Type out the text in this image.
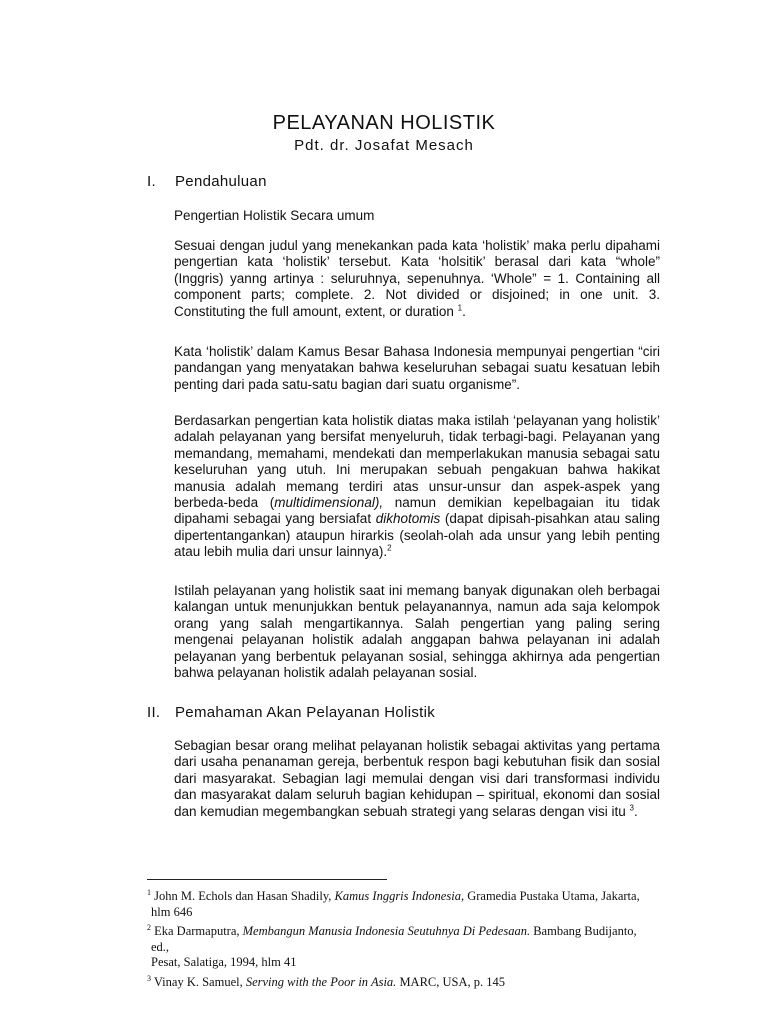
PELAYANAN HOLISTIK
Pdt. dr. Josafat Mesach
I. Pendahuluan
Pengertian Holistik Secara umum

Sesuai dengan judul yang menekankan pada kata ‘holistik’ maka perlu dipahami pengertian kata ‘holistik’ tersebut. Kata ‘holsitik’ berasal dari kata “whole” (Inggris) yanng artinya : seluruhnya, sepenuhnya. ‘Whole” = 1. Containing all component parts; complete. 2. Not divided or disjoined; in one unit. 3. Constituting the full amount, extent, or duration $^1$.

Kata ‘holistik’ dalam Kamus Besar Bahasa Indonesia mempunyai pengertian “ciri pandangan yang menyatakan bahwa keseluruhan sebagai suatu kesatuan lebih penting dari pada satu-satu bagian dari suatu organisme”.

Berdasarkan pengertian kata holistik diatas maka istilah ‘pelayanan yang holistik’ adalah pelayanan yang bersifat menyeluruh, tidak terbagi-bagi. Pelayanan yang memandang, memahami, mendekati dan memperlakukan manusia sebagai satu keseluruhan yang utuh. Ini merupakan sebuah pengakuan bahwa hakikat manusia adalah memang terdiri atas unsur-unsur dan aspek-aspek yang berbeda-beda (multidimensional), namun demikian kepelbagaian itu tidak dipahami sebagai yang bersiafat dikhotomis (dapat dipisah-pisahkan atau saling dipertentangankan) ataupun hirarkis (seolah-olah ada unsur yang lebih penting atau lebih mulia dari unsur lainnya).$^2$

Istilah pelayanan yang holistik saat ini memang banyak digunakan oleh berbagai kalangan untuk menunjukkan bentuk pelayanannya, namun ada saja kelompok orang yang salah mengartikannya. Salah pengertian yang paling sering mengenai pelayanan holistik adalah anggapan bahwa pelayanan ini adalah pelayanan yang berbentuk pelayanan sosial, sehingga akhirnya ada pengertian bahwa pelayanan holistik adalah pelayanan sosial.

II. Pemahaman Akan Pelayanan Holistik

Sebagian besar orang melihat pelayanan holistik sebagai aktivitas yang pertama dari usaha penanaman gereja, berbentuk respon bagi kebutuhan fisik dan sosial dari masyarakat. Sebagian lagi memulai dengan visi dari transformasi individu dan masyarakat dalam seluruh bagian kehidupan – spiritual, ekonomi dan sosial dan kemudian megembangkan sebuah strategi yang selaras dengan visi itu $^3$.

$^1$ John M. Echols dan Hasan Shadily, Kamus Inggris Indonesia, Gramedia Pustaka Utama, Jakarta,
hlm 646
$^2$ Eka Darmaputra, Membangun Manusia Indonesia Seutuhnya Di Pedesaan. Bambang Budijanto,
ed.,
Pesat, Salatiga, 1994, hlm 41
$^3$ Vinay K. Samuel, Serving with the Poor in Asia. MARC, USA, p. 145
